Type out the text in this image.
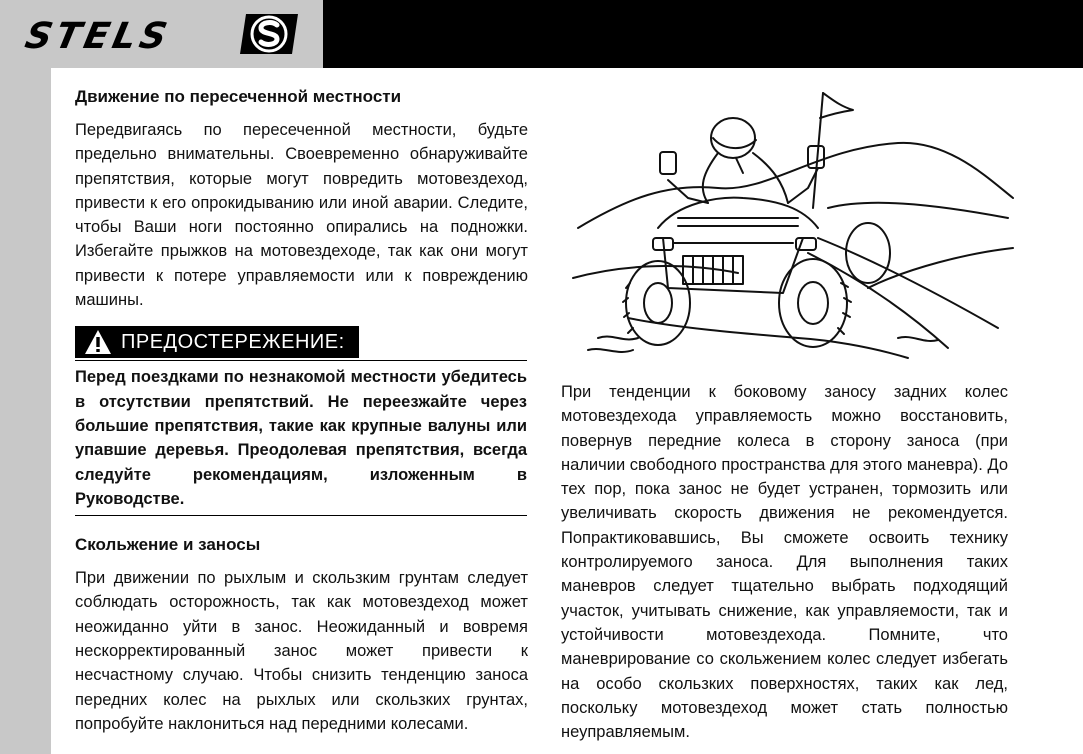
STELS
Движение по пересеченной местности

Передвигаясь по пересеченной местности, будьте предельно внимательны. Своевременно обнаруживайте препятствия, которые могут повредить мотовездеход, привести к его опрокидыванию или иной аварии. Следите, чтобы Ваши ноги постоянно опирались на подножки. Избегайте прыжков на мотовездеходе, так как они могут привести к потере управляемости или к повреждению машины.

ПРЕДОСТЕРЕЖЕНИЕ:

Перед поездками по незнакомой местности убедитесь в отсутствии препятствий. Не переезжайте через большие препятствия, такие как крупные валуны или упавшие деревья. Преодолевая препятствия, всегда следуйте рекомендациям, изложенным в Руководстве.

Скольжение и заносы

При движении по рыхлым и скользким грунтам следует соблюдать осторожность, так как мотовездеход может неожиданно уйти в занос. Неожиданный и вовремя нескорректированный занос может привести к несчастному случаю. Чтобы снизить тенденцию заноса передних колес на рыхлых или скользких грунтах, попробуйте наклониться над передними колесами.

При тенденции к боковому заносу задних колес мотовездехода управляемость можно восстановить, повернув передние колеса в сторону заноса (при наличии свободного пространства для этого маневра). До тех пор, пока занос не будет устранен, тормозить или увеличивать скорость движения не рекомендуется. Попрактиковавшись, Вы сможете освоить технику контролируемого заноса. Для выполнения таких маневров следует тщательно выбрать подходящий участок, учитывать снижение, как управляемости, так и устойчивости мотовездехода. Помните, что маневрирование со скольжением колес следует избегать на особо скользких поверхностях, таких как лед, поскольку мотовездеход может стать полностью неуправляемым.
